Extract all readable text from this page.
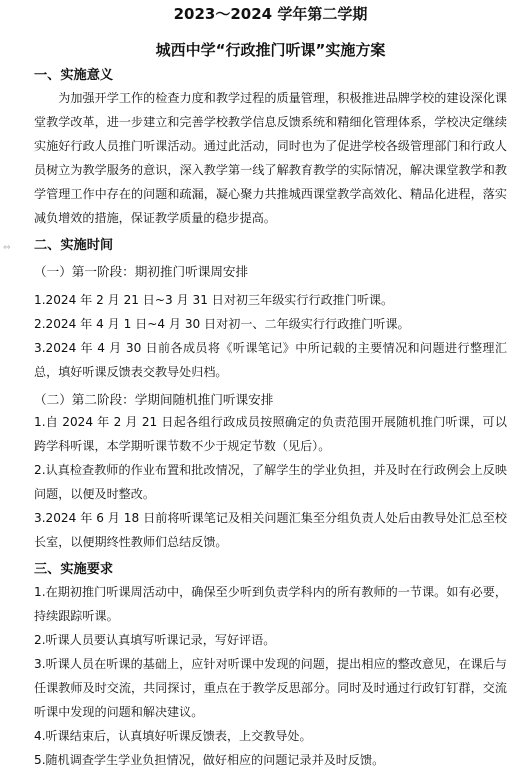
2023～2024 学年第二学期
城西中学“行政推门听课”实施方案
一、实施意义

为加强开学工作的检查力度和教学过程的质量管理，积极推进品牌学校的建设深化课堂教学改革，进一步建立和完善学校教学信息反馈系统和精细化管理体系，学校决定继续实施好行政人员推门听课活动。通过此活动，同时也为了促进学校各级管理部门和行政人员树立为教学服务的意识，深入教学第一线了解教育教学的实际情况，解决课堂教学和教学管理工作中存在的问题和疏漏，凝心聚力共推城西课堂教学高效化、精品化进程，落实减负增效的措施，保证教学质量的稳步提高。

二、实施时间
（一）第一阶段：期初推门听课周安排

1.2024 年 2 月 21 日~3 月 31 日对初三年级实行行政推门听课。

2.2024 年 4 月 1 日~4 月 30 日对初一、二年级实行行政推门听课。

3.2024 年 4 月 30 日前各成员将《听课笔记》中所记载的主要情况和问题进行整理汇总，填好听课反馈表交教导处归档。

（二）第二阶段：学期间随机推门听课安排

1.自 2024 年 2 月 21 日起各组行政成员按照确定的负责范围开展随机推门听课，可以跨学科听课，本学期听课节数不少于规定节数（见后）。

2.认真检查教师的作业布置和批改情况，了解学生的学业负担，并及时在行政例会上反映问题，以便及时整改。

3.2024 年 6 月 18 日前将听课笔记及相关问题汇集至分组负责人处后由教导处汇总至校长室，以便期终性教师们总结反馈。

三、实施要求

1.在期初推门听课周活动中，确保至少听到负责学科内的所有教师的一节课。如有必要，持续跟踪听课。

2.听课人员要认真填写听课记录，写好评语。

3.听课人员在听课的基础上，应针对听课中发现的问题，提出相应的整改意见，在课后与任课教师及时交流，共同探讨，重点在于教学反思部分。同时及时通过行政钉钉群，交流听课中发现的问题和解决建议。

4.听课结束后，认真填好听课反馈表，上交教导处。

5.随机调查学生学业负担情况，做好相应的问题记录并及时反馈。

⇔
